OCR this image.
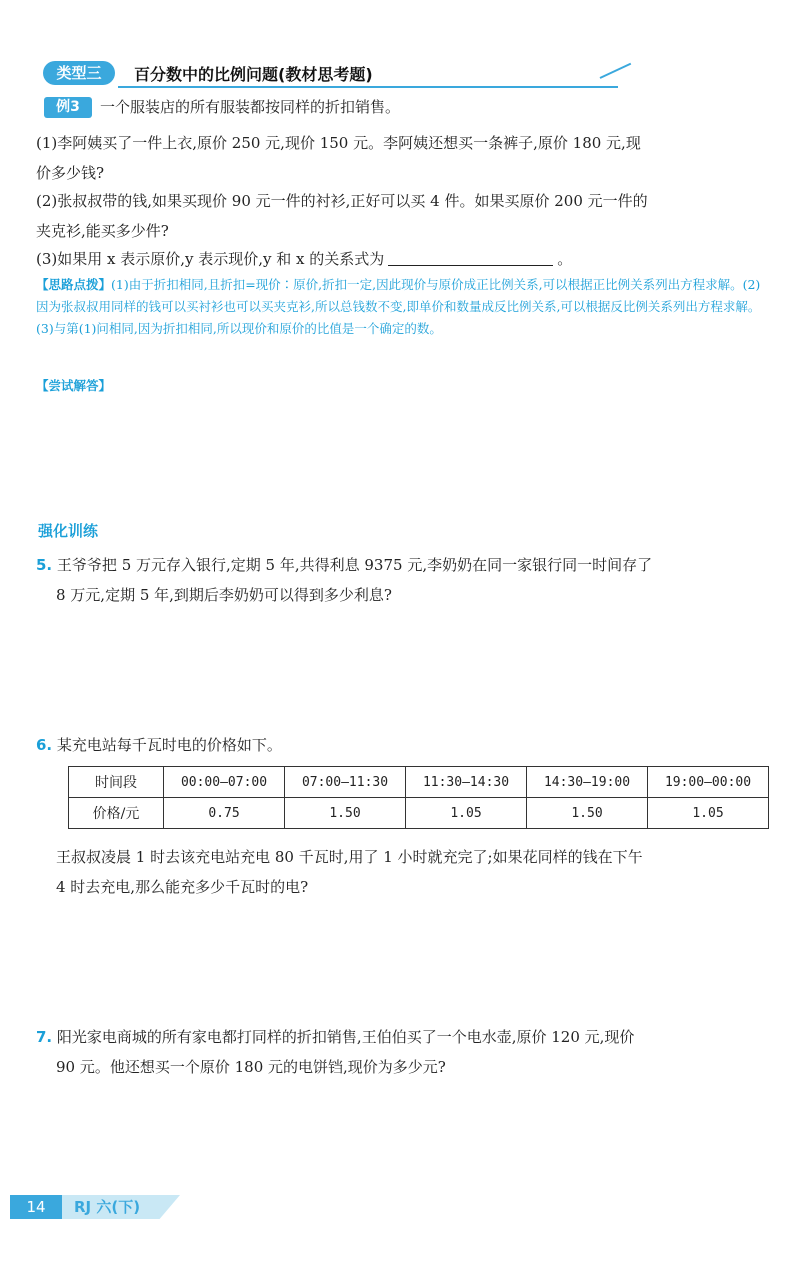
类型三	百分数中的比例问题(教材思考题)
例3	一个服装店的所有服装都按同样的折扣销售。
(1)李阿姨买了一件上衣,原价 250 元,现价 150 元。李阿姨还想买一条裤子,原价 180 元,现
价多少钱?
(2)张叔叔带的钱,如果买现价 90 元一件的衬衫,正好可以买 4 件。如果买原价 200 元一件的
夹克衫,能买多少件?
(3)如果用 x 表示原价,y 表示现价,y 和 x 的关系式为	。
【思路点拨】(1)由于折扣相同,且折扣=现价∶原价,折扣一定,因此现价与原价成正比例关系,可以根据正比例关系列出方程求解。(2)因为张叔叔用同样的钱可以买衬衫也可以买夹克衫,所以总钱数不变,即单价和数量成反比例关系,可以根据反比例关系列出方程求解。(3)与第(1)问相同,因为折扣相同,所以现价和原价的比值是一个确定的数。
【尝试解答】
强化训练
5. 王爷爷把 5 万元存入银行,定期 5 年,共得利息 9375 元,李奶奶在同一家银行同一时间存了
8 万元,定期 5 年,到期后李奶奶可以得到多少利息?
6. 某充电站每千瓦时电的价格如下。
时间段	00:00—07:00	07:00—11:30	11:30—14:30	14:30—19:00	19:00—00:00
价格/元	0.75	1.50	1.05	1.50	1.05
王叔叔凌晨 1 时去该充电站充电 80 千瓦时,用了 1 小时就充完了;如果花同样的钱在下午
4 时去充电,那么能充多少千瓦时的电?
7. 阳光家电商城的所有家电都打同样的折扣销售,王伯伯买了一个电水壶,原价 120 元,现价
90 元。他还想买一个原价 180 元的电饼铛,现价为多少元?
14	RJ 六(下)
